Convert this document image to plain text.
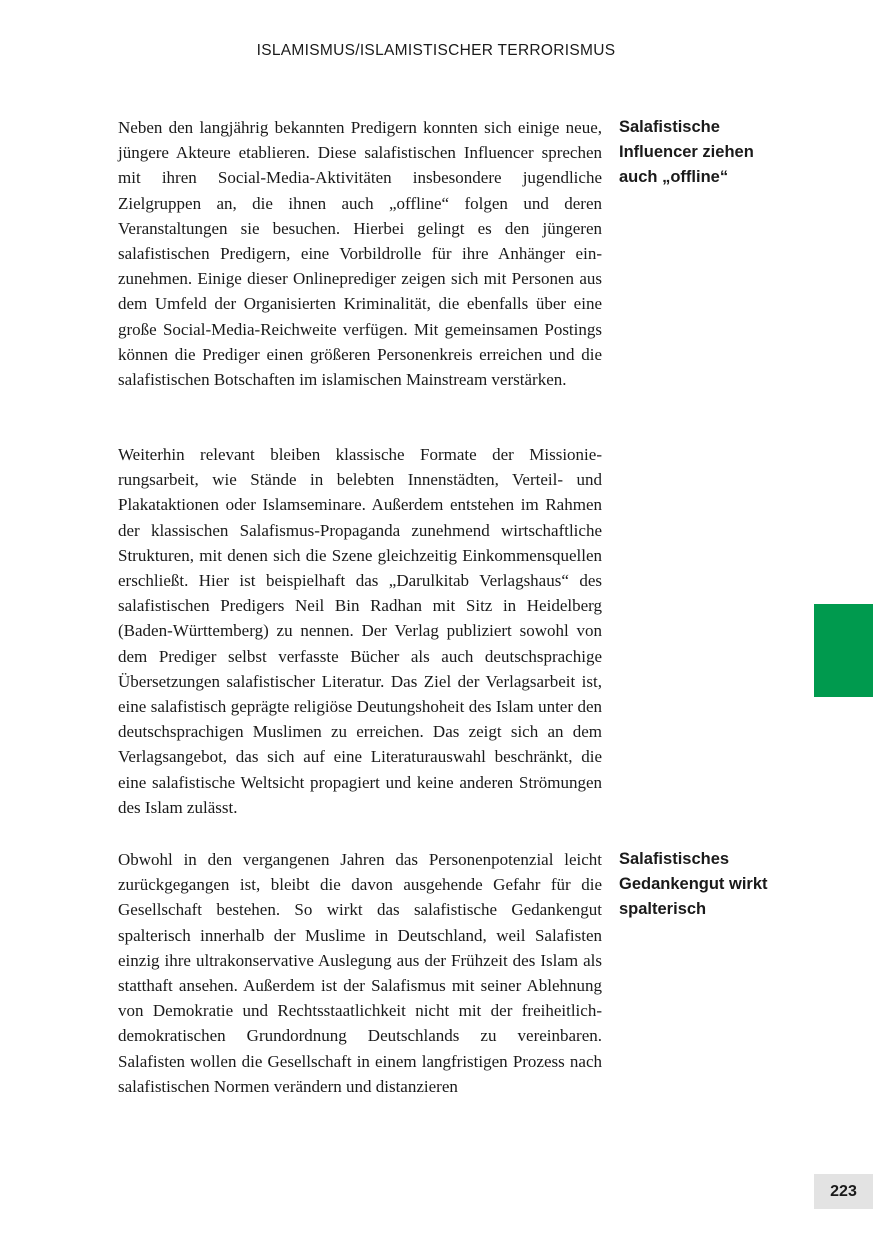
ISLAMISMUS/ISLAMISTISCHER TERRORISMUS

Neben den langjährig bekannten Predigern konnten sich einige neue, jüngere Akteure etablieren. Diese salafistischen Influencer sprechen mit ihren Social-Media-Aktivitäten insbesondere jugendliche Zielgruppen an, die ihnen auch „offline“ folgen und deren Veranstaltungen sie besuchen. Hierbei gelingt es den jüngeren salafistischen Predigern, eine Vorbildrolle für ihre Anhänger einzunehmen. Einige dieser Onlineprediger zeigen sich mit Personen aus dem Umfeld der Organisierten Kriminalität, die ebenfalls über eine große Social-Media-Reichweite verfügen. Mit gemeinsamen Postings können die Prediger einen größeren Personenkreis erreichen und die salafistischen Botschaften im islamischen Mainstream verstärken.

Weiterhin relevant bleiben klassische Formate der Missionierungsarbeit, wie Stände in belebten Innenstädten, Verteil- und Plakataktionen oder Islamseminare. Außerdem entstehen im Rahmen der klassischen Salafismus-Propaganda zunehmend wirtschaftliche Strukturen, mit denen sich die Szene gleichzeitig Einkommensquellen erschließt. Hier ist beispielhaft das „Darulkitab Verlagshaus“ des salafistischen Predigers Neil Bin Radhan mit Sitz in Heidelberg (Baden-Württemberg) zu nennen. Der Verlag publiziert sowohl von dem Prediger selbst verfasste Bücher als auch deutschsprachige Übersetzungen salafistischer Literatur. Das Ziel der Verlagsarbeit ist, eine salafistisch geprägte religiöse Deutungshoheit des Islam unter den deutschsprachigen Muslimen zu erreichen. Das zeigt sich an dem Verlagsangebot, das sich auf eine Literaturauswahl beschränkt, die eine salafistische Weltsicht propagiert und keine anderen Strömungen des Islam zulässt.

Obwohl in den vergangenen Jahren das Personenpotenzial leicht zurückgegangen ist, bleibt die davon ausgehende Gefahr für die Gesellschaft bestehen. So wirkt das salafistische Gedankengut spalterisch innerhalb der Muslime in Deutschland, weil Salafisten einzig ihre ultrakonservative Auslegung aus der Frühzeit des Islam als statthaft ansehen. Außerdem ist der Salafismus mit seiner Ablehnung von Demokratie und Rechtsstaatlichkeit nicht mit der freiheitlich-demokratischen Grundordnung Deutschlands zu vereinbaren. Salafisten wollen die Gesellschaft in einem langfristigen Prozess nach salafistischen Normen verändern und distanzieren

Salafistische
Influencer ziehen
auch „offline“
Salafistisches
Gedankengut wirkt
spalterisch
223
